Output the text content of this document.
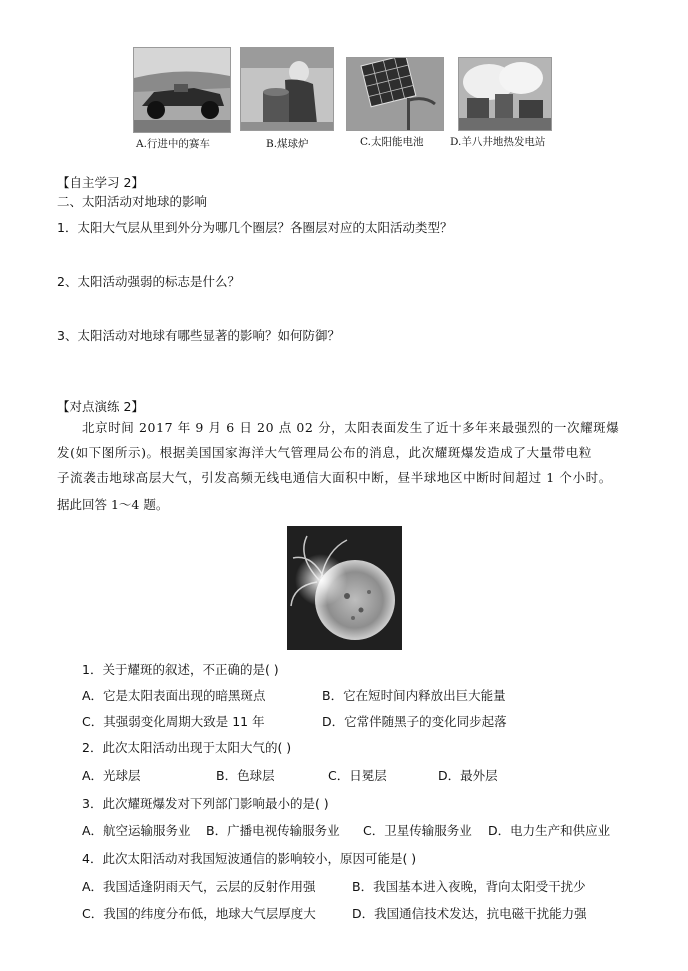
A.行进中的赛车	B.煤球炉	C.太阳能电池	D.羊八井地热发电站
【自主学习 2】
二、太阳活动对地球的影响
1．太阳大气层从里到外分为哪几个圈层？各圈层对应的太阳活动类型？
2、太阳活动强弱的标志是什么？
3、太阳活动对地球有哪些显著的影响？如何防御？
【对点演练 2】
北京时间 2017 年 9 月 6 日 20 点 02 分，太阳表面发生了近十多年来最强烈的一次耀斑爆
发(如下图所示)。根据美国国家海洋大气管理局公布的消息，此次耀斑爆发造成了大量带电粒
子流袭击地球高层大气，引发高频无线电通信大面积中断，昼半球地区中断时间超过 1 个小时。
据此回答 1～4 题。
1．关于耀斑的叙述，不正确的是( )
A．它是太阳表面出现的暗黑斑点	B．它在短时间内释放出巨大能量
C．其强弱变化周期大致是 11 年	D．它常伴随黑子的变化同步起落
2．此次太阳活动出现于太阳大气的( )
A．光球层	B．色球层	C．日冕层	D．最外层
3．此次耀斑爆发对下列部门影响最小的是( )
A．航空运输服务业 B．广播电视传输服务业 C．卫星传输服务业 D．电力生产和供应业
4．此次太阳活动对我国短波通信的影响较小，原因可能是( )
A．我国适逢阴雨天气，云层的反射作用强	B．我国基本进入夜晚，背向太阳受干扰少
C．我国的纬度分布低，地球大气层厚度大	D．我国通信技术发达，抗电磁干扰能力强
